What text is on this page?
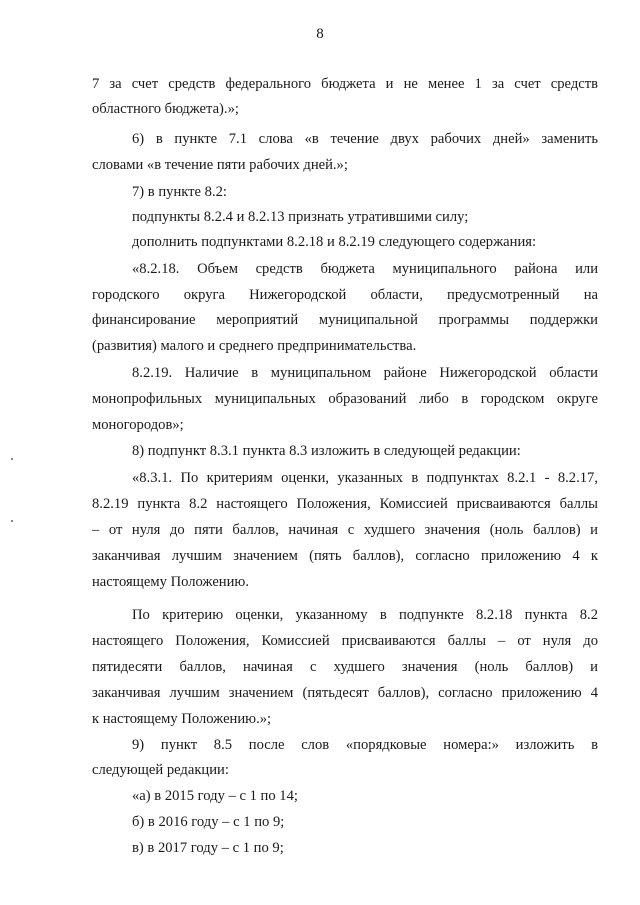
8
7 за счет средств федерального бюджета и не менее 1 за счет средств
областного бюджета).»;
6) в пункте 7.1 слова «в течение двух рабочих дней» заменить
словами «в течение пяти рабочих дней.»;
7) в пункте 8.2:
подпункты 8.2.4 и 8.2.13 признать утратившими силу;
дополнить подпунктами 8.2.18 и 8.2.19 следующего содержания:
«8.2.18. Объем средств бюджета муниципального района или
городского округа Нижегородской области, предусмотренный на
финансирование мероприятий муниципальной программы поддержки
(развития) малого и среднего предпринимательства.
8.2.19. Наличие в муниципальном районе Нижегородской области
монопрофильных муниципальных образований либо в городском округе
моногородов»;
8) подпункт 8.3.1 пункта 8.3 изложить в следующей редакции:
«8.3.1. По критериям оценки, указанных в подпунктах 8.2.1 - 8.2.17,
8.2.19 пункта 8.2 настоящего Положения, Комиссией присваиваются баллы
– от нуля до пяти баллов, начиная с худшего значения (ноль баллов) и
заканчивая лучшим значением (пять баллов), согласно приложению 4 к
настоящему Положению.
По критерию оценки, указанному в подпункте 8.2.18 пункта 8.2
настоящего Положения, Комиссией присваиваются баллы – от нуля до
пятидесяти баллов, начиная с худшего значения (ноль баллов) и
заканчивая лучшим значением (пятьдесят баллов), согласно приложению 4
к настоящему Положению.»;
9) пункт 8.5 после слов «порядковые номера:» изложить в
следующей редакции:
«а) в 2015 году – с 1 по 14;
б) в 2016 году – с 1 по 9;
в) в 2017 году – с 1 по 9;
